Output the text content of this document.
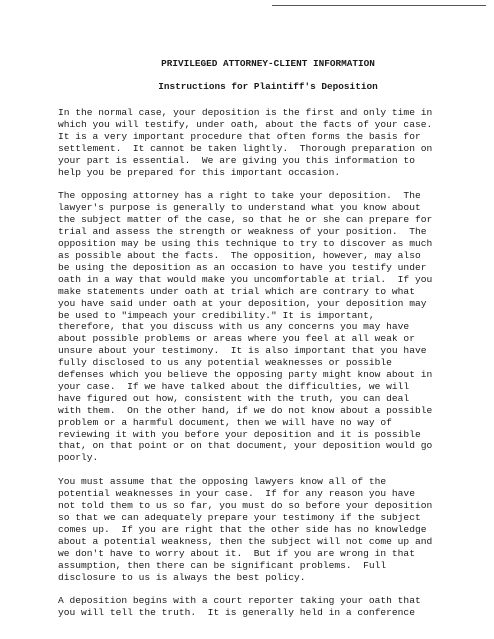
PRIVILEGED ATTORNEY-CLIENT INFORMATION
Instructions for Plaintiff's Deposition
In the normal case, your deposition is the first and only time in
which you will testify, under oath, about the facts of your case.
It is a very important procedure that often forms the basis for
settlement.  It cannot be taken lightly.  Thorough preparation on
your part is essential.  We are giving you this information to
help you be prepared for this important occasion.
The opposing attorney has a right to take your deposition.  The
lawyer's purpose is generally to understand what you know about
the subject matter of the case, so that he or she can prepare for
trial and assess the strength or weakness of your position.  The
opposition may be using this technique to try to discover as much
as possible about the facts.  The opposition, however, may also
be using the deposition as an occasion to have you testify under
oath in a way that would make you uncomfortable at trial.  If you
make statements under oath at trial which are contrary to what
you have said under oath at your deposition, your deposition may
be used to "impeach your credibility." It is important,
therefore, that you discuss with us any concerns you may have
about possible problems or areas where you feel at all weak or
unsure about your testimony.  It is also important that you have
fully disclosed to us any potential weaknesses or possible
defenses which you believe the opposing party might know about in
your case.  If we have talked about the difficulties, we will
have figured out how, consistent with the truth, you can deal
with them.  On the other hand, if we do not know about a possible
problem or a harmful document, then we will have no way of
reviewing it with you before your deposition and it is possible
that, on that point or on that document, your deposition would go
poorly.
You must assume that the opposing lawyers know all of the
potential weaknesses in your case.  If for any reason you have
not told them to us so far, you must do so before your deposition
so that we can adequately prepare your testimony if the subject
comes up.  If you are right that the other side has no knowledge
about a potential weakness, then the subject will not come up and
we don't have to worry about it.  But if you are wrong in that
assumption, then there can be significant problems.  Full
disclosure to us is always the best policy.
A deposition begins with a court reporter taking your oath that
you will tell the truth.  It is generally held in a conference
